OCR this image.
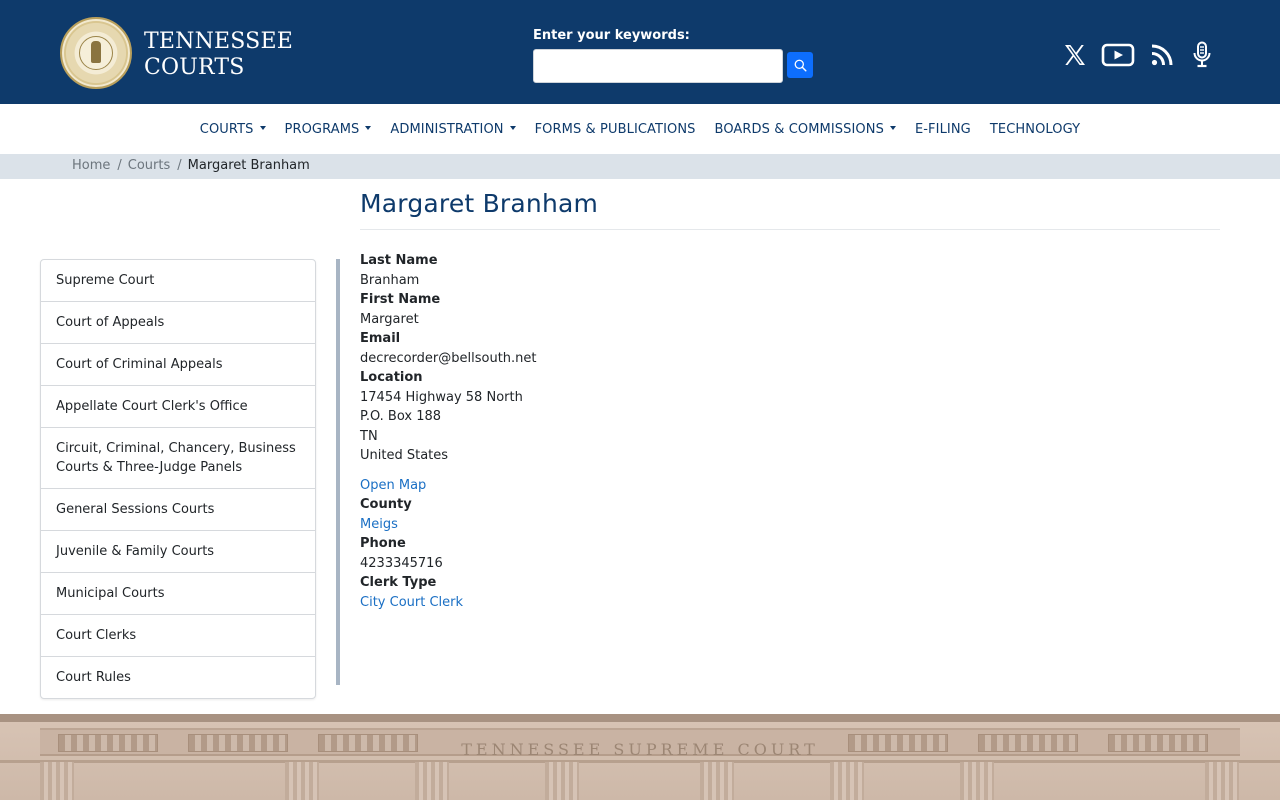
TENNESSEE
COURTS
Enter your keywords:
COURTS	PROGRAMS	ADMINISTRATION	FORMS & PUBLICATIONS	BOARDS & COMMISSIONS	E-FILING	TECHNOLOGY
Home / Courts / Margaret Branham
Margaret Branham
Supreme Court
Court of Appeals
Court of Criminal Appeals
Appellate Court Clerk's Office
Circuit, Criminal, Chancery, Business Courts & Three-Judge Panels
General Sessions Courts
Juvenile & Family Courts
Municipal Courts
Court Clerks
Court Rules
Last Name
Branham
First Name
Margaret
Email
decrecorder@bellsouth.net
Location
17454 Highway 58 North
P.O. Box 188
TN
United States
Open Map
County
Meigs
Phone
4233345716
Clerk Type
City Court Clerk
TENNESSEE SUPREME COURT
